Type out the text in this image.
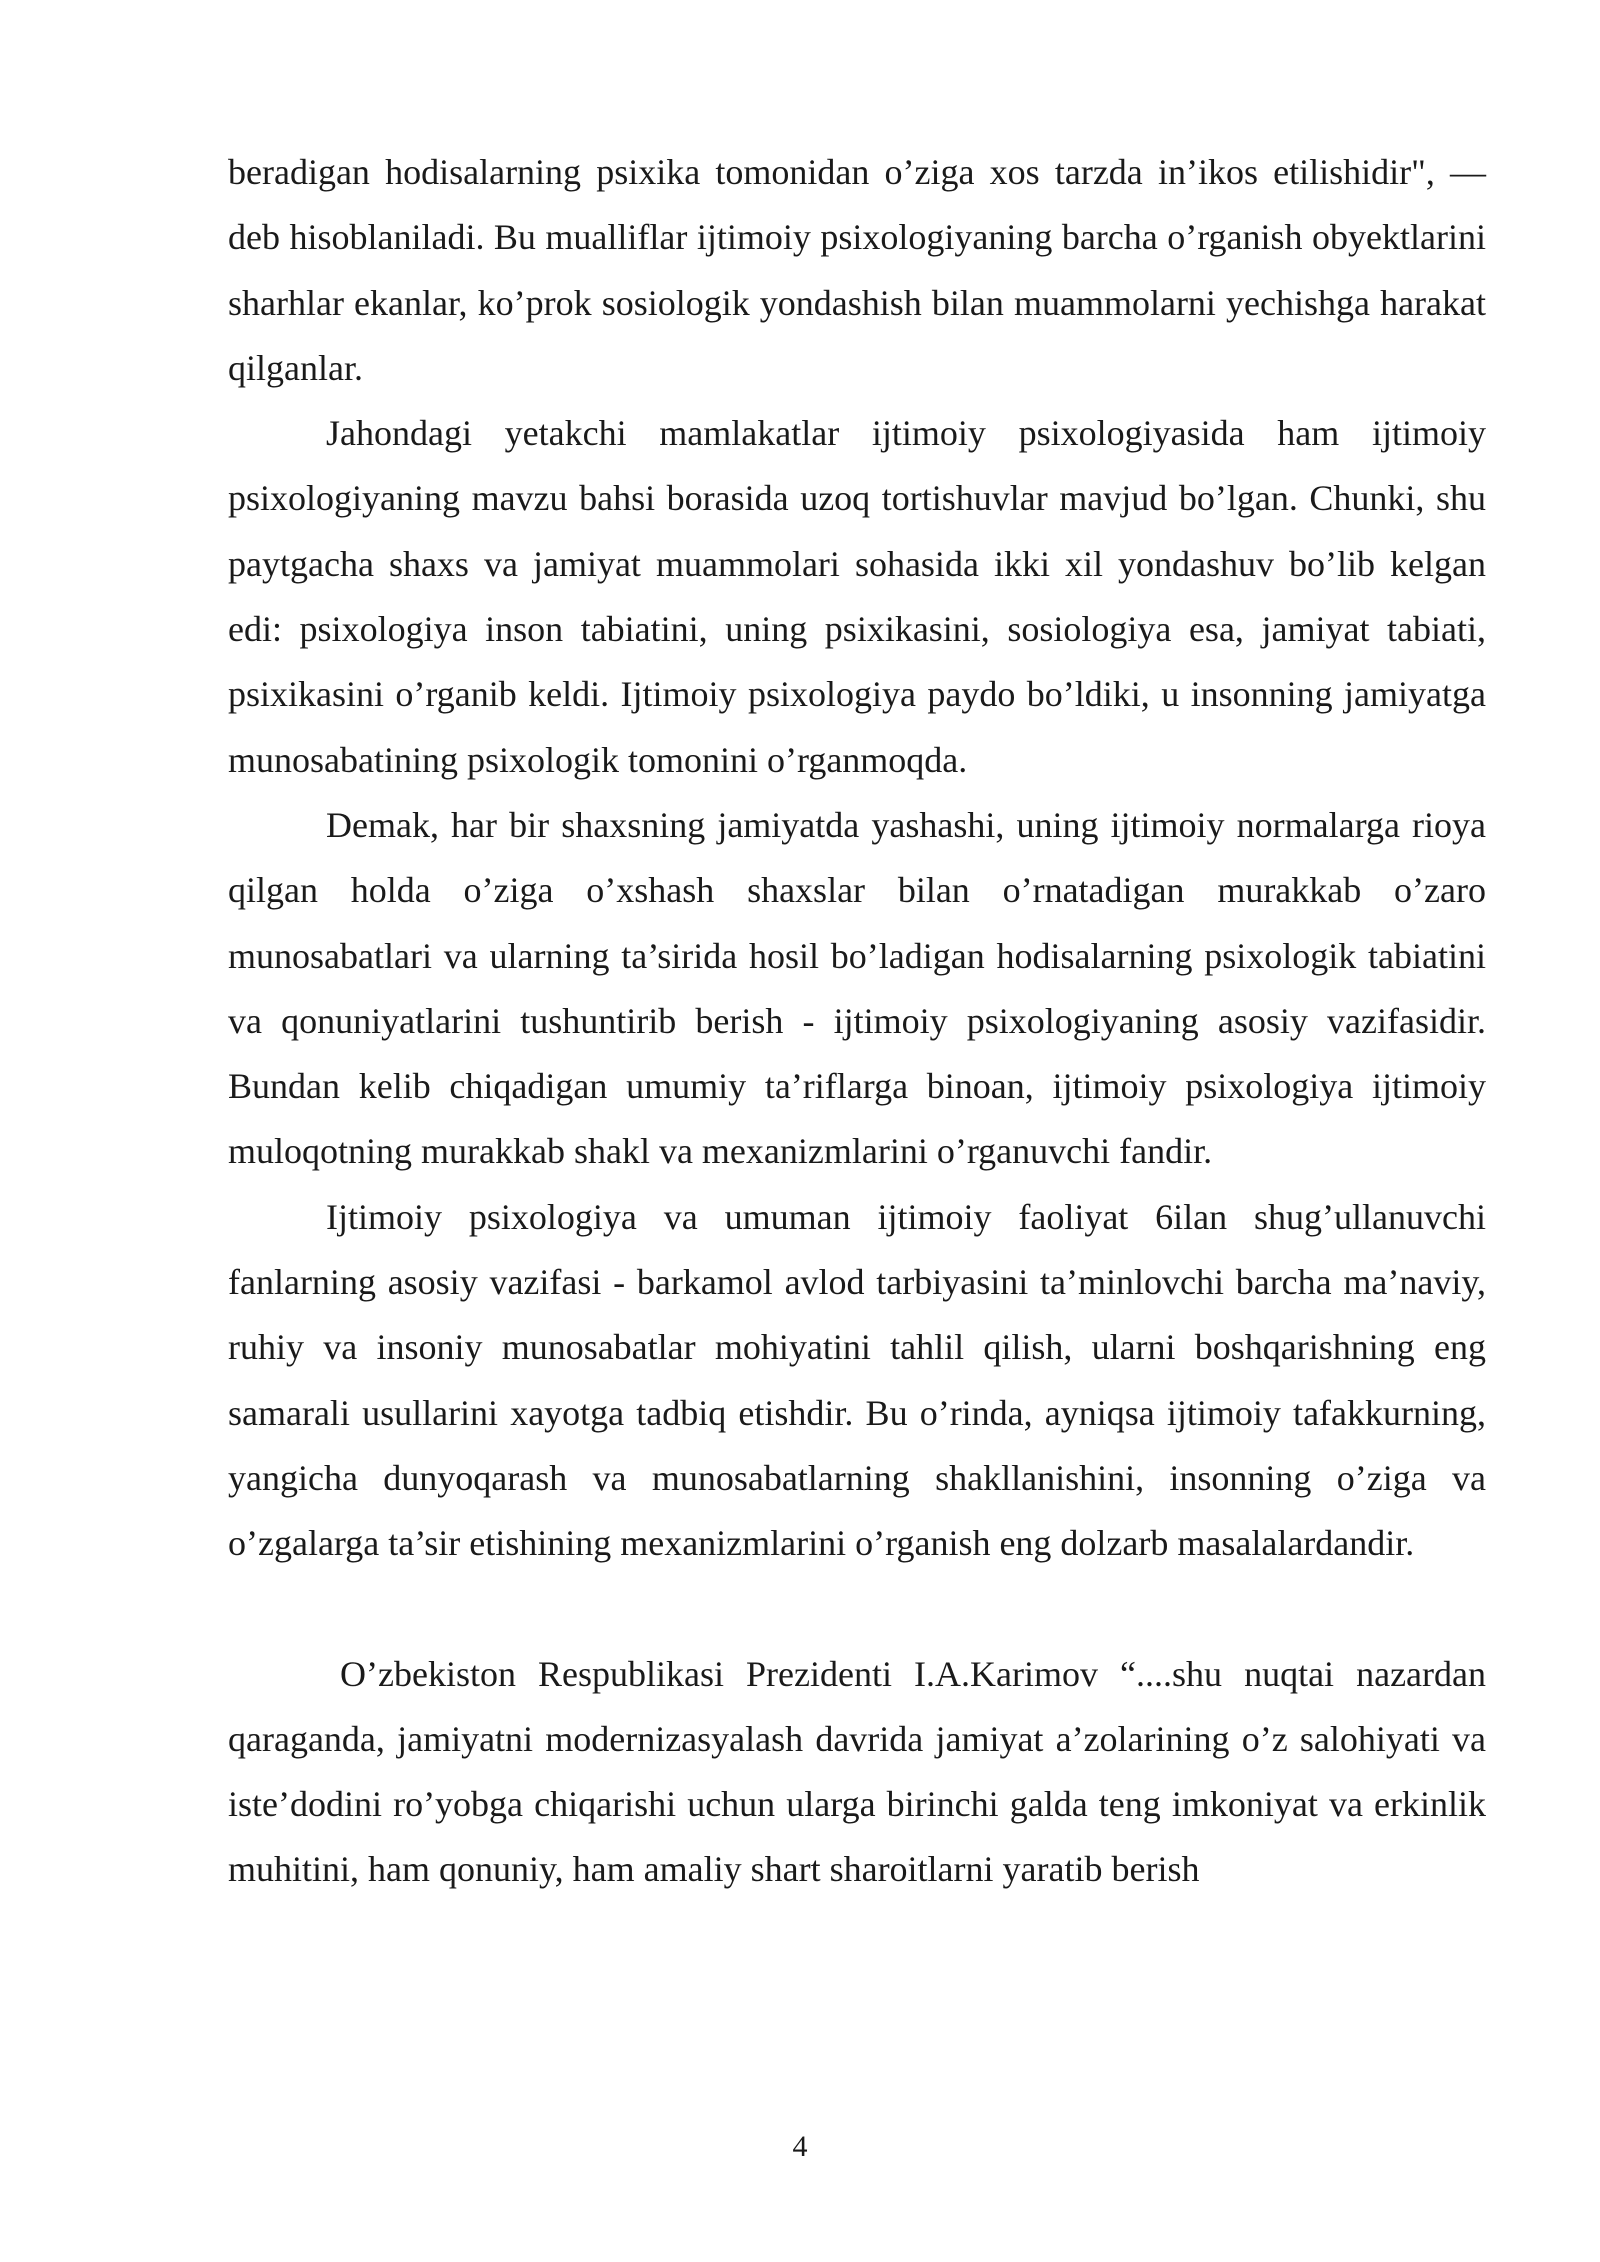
beradigan hodisalarning psixika tomonidan o’ziga xos tarzda in’ikos etilishidir", — deb hisoblaniladi. Bu mualliflar ijtimoiy psixologiyaning barcha o’rganish obyektlarini sharhlar ekanlar, ko’prok sosiologik yondashish bilan muammolarni yechishga harakat qilganlar.

Jahondagi yetakchi mamlakatlar ijtimoiy psixologiyasida ham ijtimoiy psixologiyaning mavzu bahsi borasida uzoq tortishuvlar mavjud bo’lgan. Chunki, shu paytgacha shaxs va jamiyat muammolari sohasida ikki xil yondashuv bo’lib kelgan edi: psixologiya inson tabiatini, uning psixikasini, sosiologiya esa, jamiyat tabiati, psixikasini o’rganib keldi. Ijtimoiy psixologiya paydo bo’ldiki, u insonning jamiyatga munosabatining psixologik tomonini o’rganmoqda.

Demak, har bir shaxsning jamiyatda yashashi, uning ijtimoiy normalarga rioya qilgan holda o’ziga o’xshash shaxslar bilan o’rnatadigan murakkab o’zaro munosabatlari va ularning ta’sirida hosil bo’ladigan hodisalarning psixologik tabiatini va qonuniyatlarini tushuntirib berish - ijtimoiy psixologiyaning asosiy vazifasidir. Bundan kelib chiqadigan umumiy ta’riflarga binoan, ijtimoiy psixologiya ijtimoiy muloqotning murakkab shakl va mexanizmlarini o’rganuvchi fandir.

Ijtimoiy psixologiya va umuman ijtimoiy faoliyat 6ilan shug’ullanuvchi fanlarning asosiy vazifasi - barkamol avlod tarbiyasini ta’minlovchi barcha ma’naviy, ruhiy va insoniy munosabatlar mohiyatini tahlil qilish, ularni boshqarishning eng samarali usullarini xayotga tadbiq etishdir. Bu o’rinda, ayniqsa ijtimoiy tafakkurning, yangicha dunyoqarash va munosabatlarning shakllanishini, insonning o’ziga va o’zgalarga ta’sir etishining mexanizmlarini o’rganish eng dolzarb masalalardandir.

O’zbekiston Respublikasi Prezidenti I.A.Karimov “....shu nuqtai nazardan qaraganda, jamiyatni modernizasyalash davrida jamiyat a’zolarining o’z salohiyati va iste’dodini ro’yobga chiqarishi uchun ularga birinchi galda teng imkoniyat va erkinlik muhitini, ham qonuniy, ham amaliy shart sharoitlarni yaratib berish

4
